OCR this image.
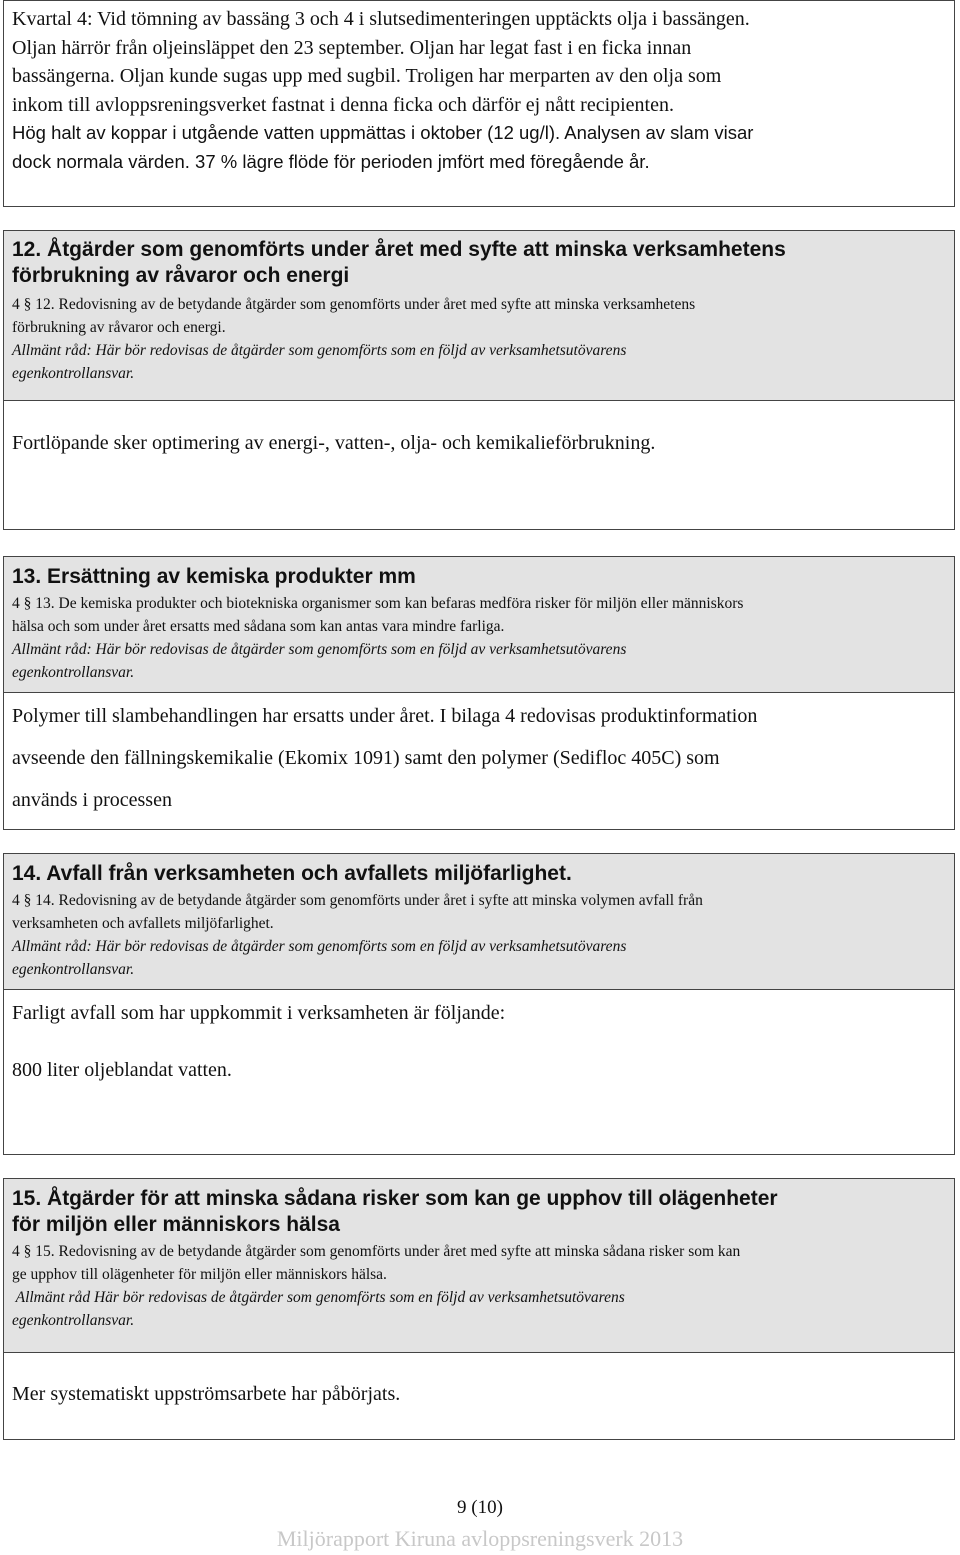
Kvartal 4: Vid tömning av bassäng 3 och 4 i slutsedimenteringen upptäckts olja i bassängen.

Oljan härrör från oljeinsläppet den 23 september. Oljan har legat fast i en ficka innan

bassängerna. Oljan kunde sugas upp med sugbil. Troligen har merparten av den olja som

inkom till avloppsreningsverket fastnat i denna ficka och därför ej nått recipienten.

Hög halt av koppar i utgående vatten uppmättas i oktober (12 ug/l). Analysen av slam visar

dock normala värden. 37 % lägre flöde för perioden jmfört med föregående år.

12. Åtgärder som genomförts under året med syfte att minska verksamhetens

förbrukning av råvaror och energi

4 § 12. Redovisning av de betydande åtgärder som genomförts under året med syfte att minska verksamhetens

förbrukning av råvaror och energi.

Allmänt råd: Här bör redovisas de åtgärder som genomförts som en följd av verksamhetsutövarens

egenkontrollansvar.

Fortlöpande sker optimering av energi-, vatten-, olja- och kemikalieförbrukning.

13. Ersättning av kemiska produkter mm

4 § 13. De kemiska produkter och biotekniska organismer som kan befaras medföra risker för miljön eller människors

hälsa och som under året ersatts med sådana som kan antas vara mindre farliga.

Allmänt råd: Här bör redovisas de åtgärder som genomförts som en följd av verksamhetsutövarens

egenkontrollansvar.

Polymer till slambehandlingen har ersatts under året. I bilaga 4 redovisas produktinformation

avseende den fällningskemikalie (Ekomix 1091) samt den polymer (Sedifloc 405C) som

används i processen

14. Avfall från verksamheten och avfallets miljöfarlighet.

4 § 14. Redovisning av de betydande åtgärder som genomförts under året i syfte att minska volymen avfall från

verksamheten och avfallets miljöfarlighet.

Allmänt råd: Här bör redovisas de åtgärder som genomförts som en följd av verksamhetsutövarens

egenkontrollansvar.

Farligt avfall som har uppkommit i verksamheten är följande:

800 liter oljeblandat vatten.

15. Åtgärder för att minska sådana risker som kan ge upphov till olägenheter

för miljön eller människors hälsa

4 § 15. Redovisning av de betydande åtgärder som genomförts under året med syfte att minska sådana risker som kan

ge upphov till olägenheter för miljön eller människors hälsa.

Allmänt råd Här bör redovisas de åtgärder som genomförts som en följd av verksamhetsutövarens

egenkontrollansvar.

Mer systematiskt uppströmsarbete har påbörjats.

9 (10)
Miljörapport Kiruna avloppsreningsverk 2013
